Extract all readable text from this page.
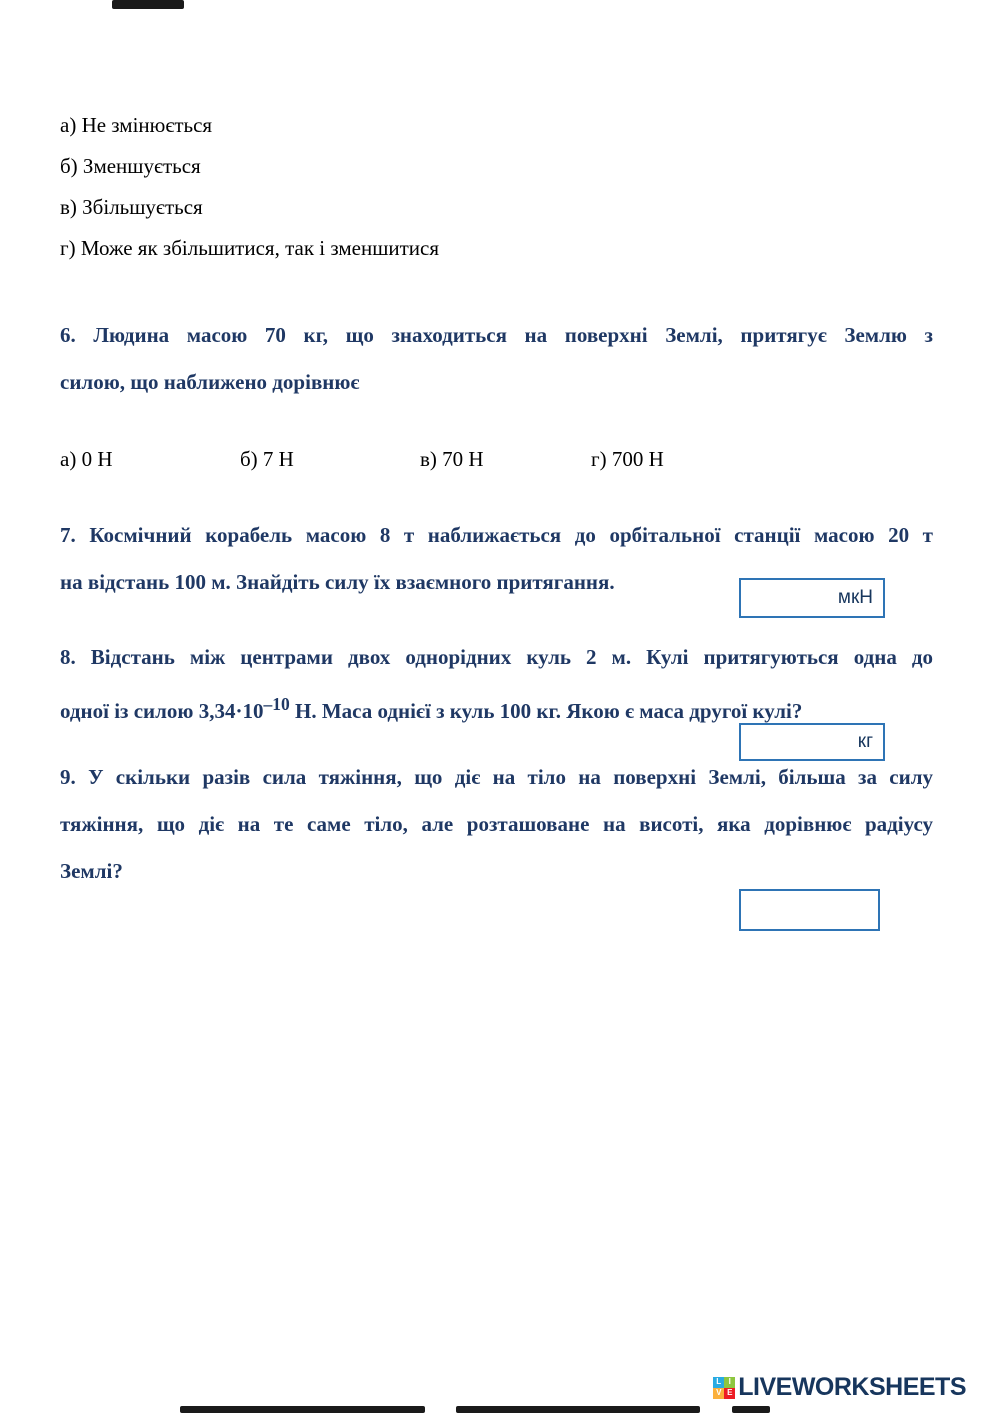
а) Не змінюється
б) Зменшується
в) Збільшується
г) Може як збільшитися, так і зменшитися
6. Людина масою 70 кг, що знаходиться на поверхні Землі, притягує Землю з
силою, що наближено дорівнює
а) 0 Н	б) 7 Н	в) 70 Н	г) 700 Н
7. Космічний корабель масою 8 т наближається до орбітальної станції масою 20 т
на відстань 100 м. Знайдіть силу їх взаємного притягання.
мкН
8. Відстань між центрами двох однорідних куль 2 м. Кулі притягуються одна до
одної із силою $3,34\cdot 10^{-10}$ Н. Маса однієї з куль 100 кг. Якою є маса другої кулі?
кг
9. У скільки разів сила тяжіння, що діє на тіло на поверхні Землі, більша за силу
тяжіння, що діє на те саме тіло, але розташоване на висоті, яка дорівнює радіусу
Землі?
L I
V E LIVEWORKSHEETS
